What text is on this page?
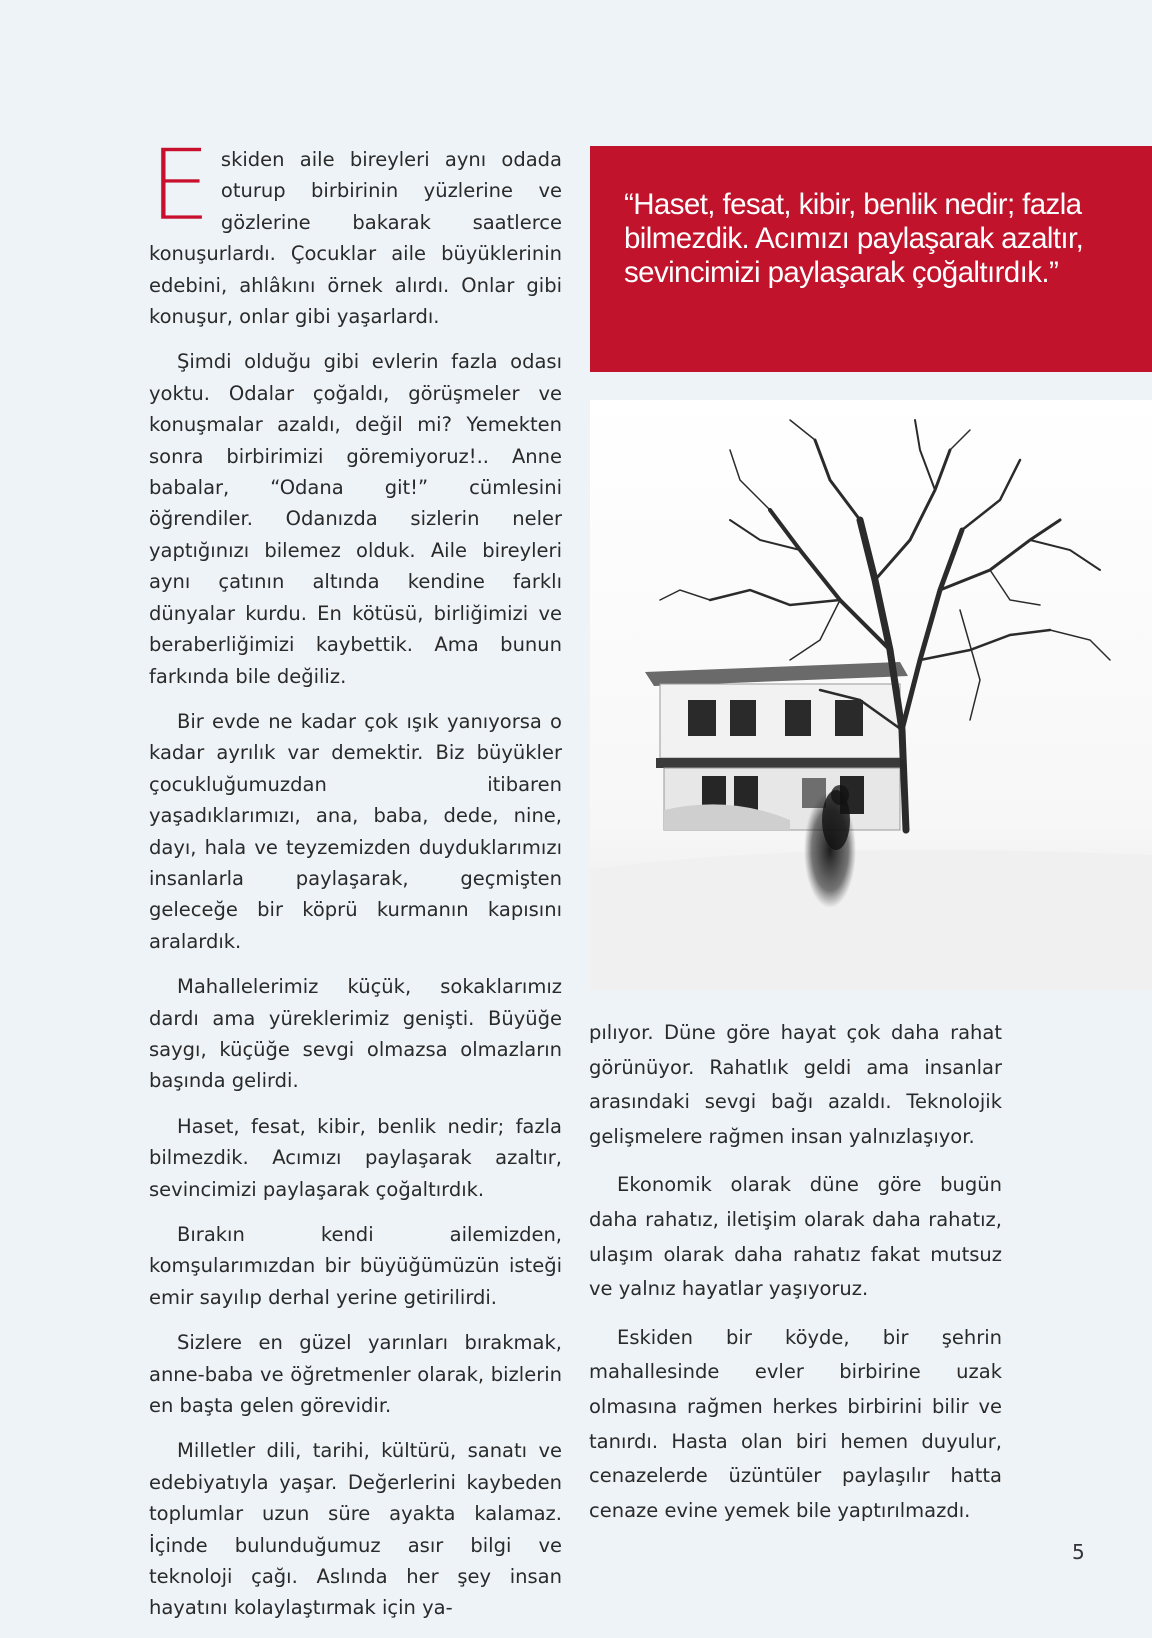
Eskiden aile bireyleri aynı odada oturup birbirinin yüzlerine ve gözlerine bakarak saatlerce konuşurlardı. Çocuklar aile büyüklerinin edebini, ahlâkını örnek alırdı. Onlar gibi konuşur, onlar gibi yaşarlardı.

Şimdi olduğu gibi evlerin fazla odası yoktu. Odalar çoğaldı, görüşmeler ve konuşmalar azaldı, değil mi? Yemekten sonra birbirimizi göremiyoruz!.. Anne babalar, “Odana git!” cümlesini öğrendiler. Odanızda sizlerin neler yaptığınızı bilemez olduk. Aile bireyleri aynı çatının altında kendine farklı dünyalar kurdu. En kötüsü, birliğimizi ve beraberliğimizi kaybettik. Ama bunun farkında bile değiliz.

Bir evde ne kadar çok ışık yanıyorsa o kadar ayrılık var demektir. Biz büyükler çocukluğumuzdan itibaren yaşadıklarımızı, ana, baba, dede, nine, dayı, hala ve teyzemizden duyduklarımızı insanlarla paylaşarak, geçmişten geleceğe bir köprü kurmanın kapısını aralardık.

Mahallelerimiz küçük, sokaklarımız dardı ama yüreklerimiz genişti. Büyüğe saygı, küçüğe sevgi olmazsa olmazların başında gelirdi.

Haset, fesat, kibir, benlik nedir; fazla bilmezdik. Acımızı paylaşarak azaltır, sevincimizi paylaşarak çoğaltırdık.

Bırakın kendi ailemizden, komşularımızdan bir büyüğümüzün isteği emir sayılıp derhal yerine getirilirdi.

Sizlere en güzel yarınları bırakmak, anne-baba ve öğretmenler olarak, bizlerin en başta gelen görevidir.

Milletler dili, tarihi, kültürü, sanatı ve edebiyatıyla yaşar. Değerlerini kaybeden toplumlar uzun süre ayakta kalamaz. İçinde bulunduğumuz asır bilgi ve teknoloji çağı. Aslında her şey insan hayatını kolaylaştırmak için ya-

“Haset, fesat, kibir, benlik nedir; fazla bilmezdik. Acımızı paylaşarak azaltır, sevincimizi paylaşarak çoğaltırdık.”

pılıyor. Düne göre hayat çok daha rahat görünüyor. Rahatlık geldi ama insanlar arasındaki sevgi bağı azaldı. Teknolojik gelişmelere rağmen insan yalnızlaşıyor.

Ekonomik olarak düne göre bugün daha rahatız, iletişim olarak daha rahatız, ulaşım olarak daha rahatız fakat mutsuz ve yalnız hayatlar yaşıyoruz.

Eskiden bir köyde, bir şehrin mahallesinde evler birbirine uzak olmasına rağmen herkes birbirini bilir ve tanırdı. Hasta olan biri hemen duyulur, cenazelerde üzüntüler paylaşılır hatta cenaze evine yemek bile yaptırılmazdı.

5
